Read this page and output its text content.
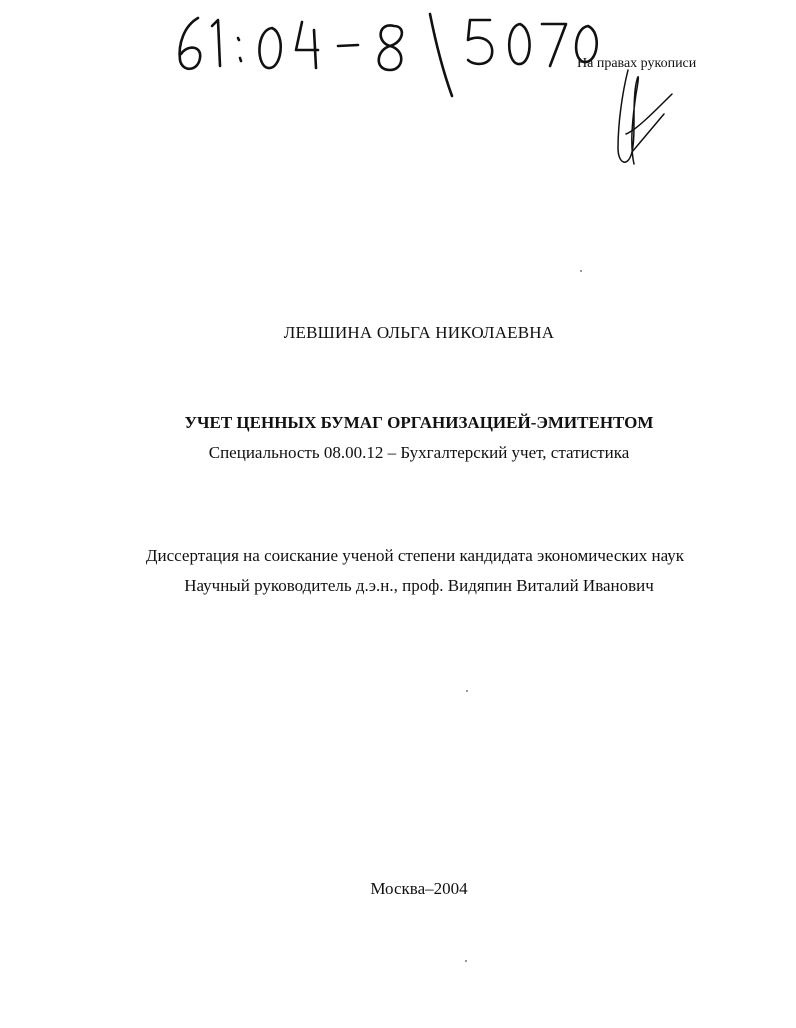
На правах рукописи
ЛЕВШИНА ОЛЬГА НИКОЛАЕВНА
УЧЕТ ЦЕННЫХ БУМАГ ОРГАНИЗАЦИЕЙ-ЭМИТЕНТОМ
Специальность 08.00.12 – Бухгалтерский учет, статистика
Диссертация на соискание ученой степени кандидата экономических наук
Научный руководитель д.э.н., проф. Видяпин Виталий Иванович
Москва–2004
